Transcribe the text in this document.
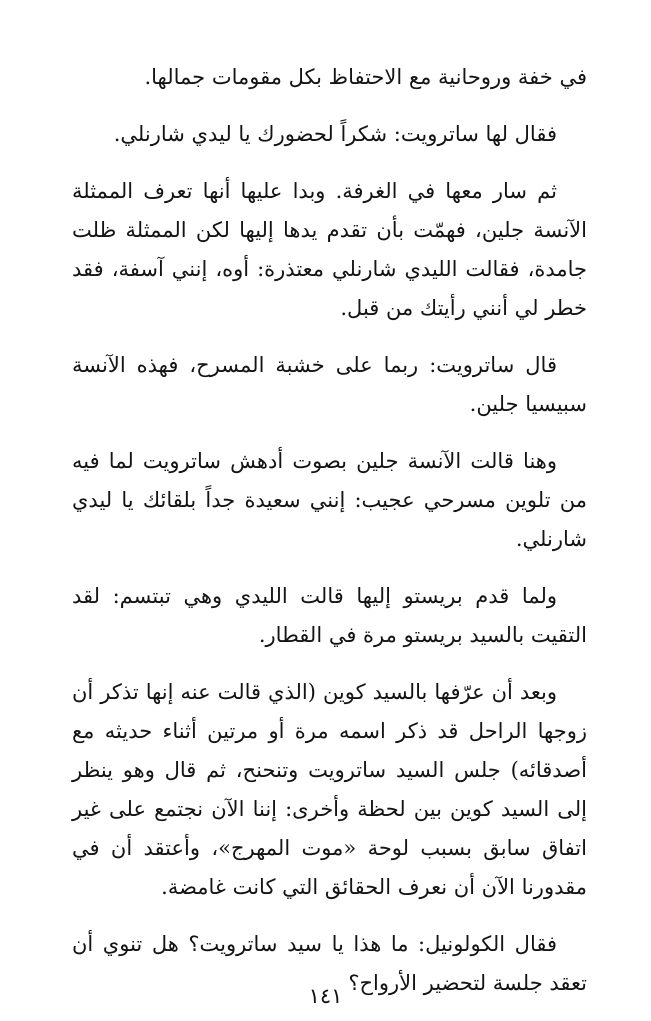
في خفة وروحانية مع الاحتفاظ بكل مقومات جمالها.

فقال لها ساترويت: شكراً لحضورك يا ليدي شارنلي.

ثم سار معها في الغرفة. وبدا عليها أنها تعرف الممثلة الآنسة جلين، فهمّت بأن تقدم يدها إليها لكن الممثلة ظلت جامدة، فقالت الليدي شارنلي معتذرة: أوه، إنني آسفة، فقد خطر لي أنني رأيتك من قبل.

قال ساترويت: ربما على خشبة المسرح، فهذه الآنسة سبيسيا جلين.

وهنا قالت الآنسة جلين بصوت أدهش ساترويت لما فيه من تلوين مسرحي عجيب: إنني سعيدة جداً بلقائك يا ليدي شارنلي.

ولما قدم بريستو إليها قالت الليدي وهي تبتسم: لقد التقيت بالسيد بريستو مرة في القطار.

وبعد أن عرّفها بالسيد كوين (الذي قالت عنه إنها تذكر أن زوجها الراحل قد ذكر اسمه مرة أو مرتين أثناء حديثه مع أصدقائه) جلس السيد ساترويت وتنحنح، ثم قال وهو ينظر إلى السيد كوين بين لحظة وأخرى: إننا الآن نجتمع على غير اتفاق سابق بسبب لوحة «موت المهرج»، وأعتقد أن في مقدورنا الآن أن نعرف الحقائق التي كانت غامضة.

فقال الكولونيل: ما هذا يا سيد ساترويت؟ هل تنوي أن تعقد جلسة لتحضير الأرواح؟

١٤١
